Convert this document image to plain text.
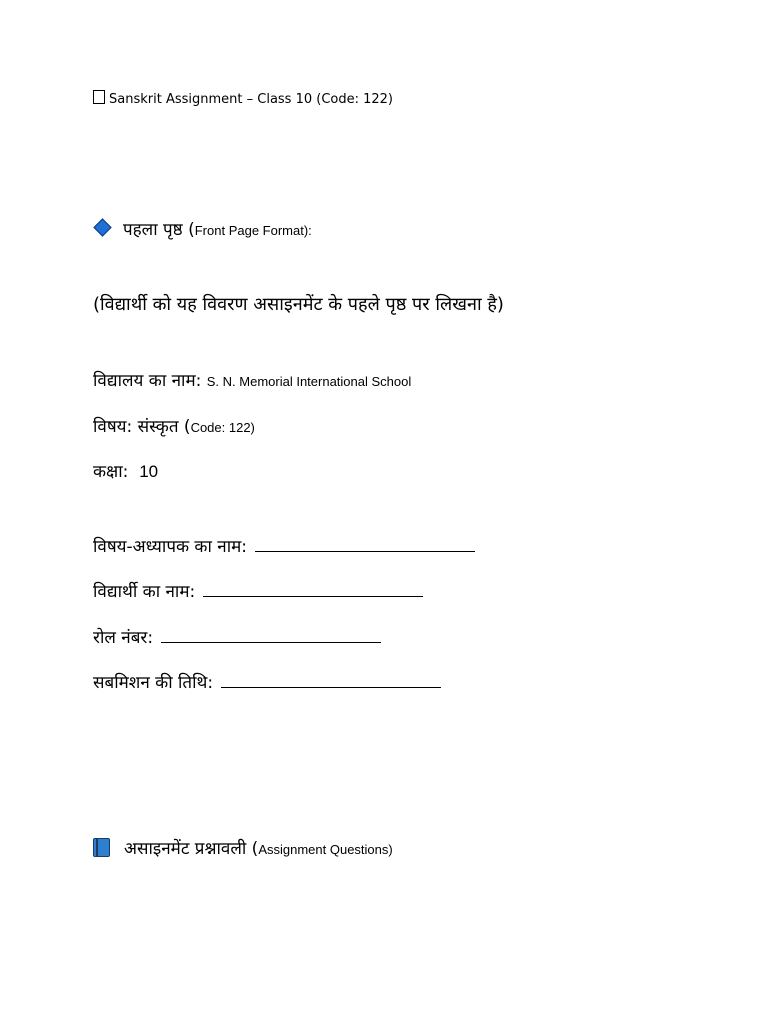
Sanskrit Assignment – Class 10 (Code: 122)
पहला पृष्ठ (Front Page Format):
(विद्यार्थी को यह विवरण असाइनमेंट के पहले पृष्ठ पर लिखना है)
विद्यालय का नाम: S. N. Memorial International School
विषय: संस्कृत (Code: 122)
कक्षा: 10
विषय-अध्यापक का नाम:
विद्यार्थी का नाम:
रोल नंबर:
सबमिशन की तिथि:
असाइनमेंट प्रश्नावली (Assignment Questions)
